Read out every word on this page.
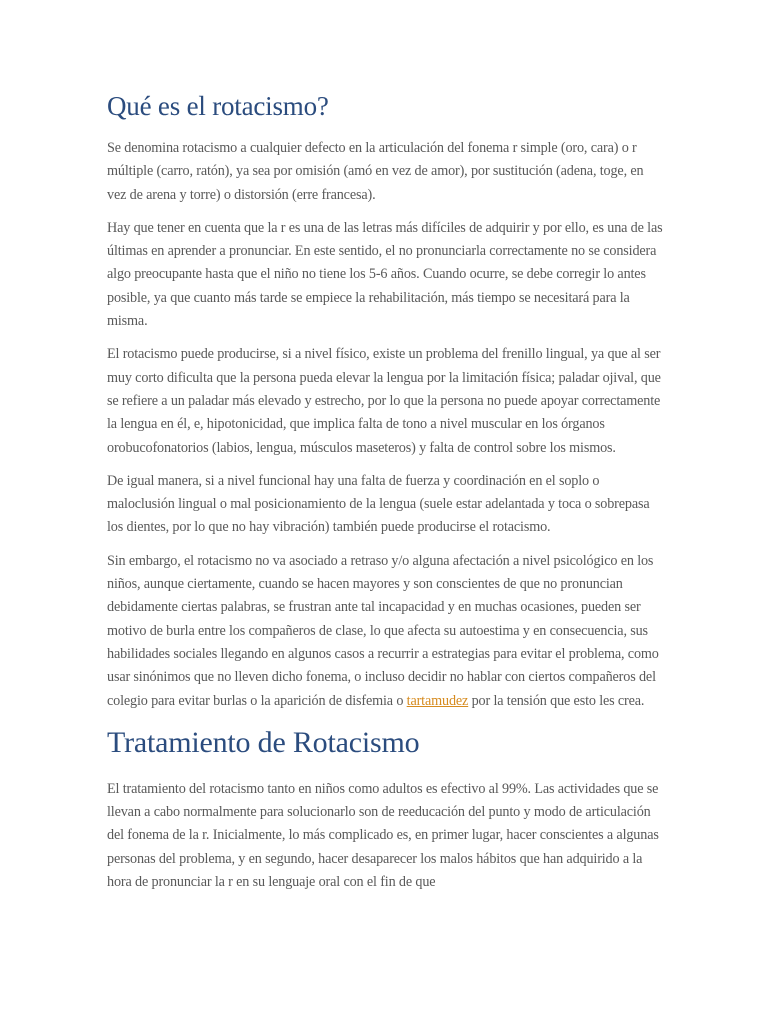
Qué es el rotacismo?

Se denomina rotacismo a cualquier defecto en la articulación del fonema r simple (oro, cara) o r múltiple (carro, ratón), ya sea por omisión (amó en vez de amor), por sustitución (adena, toge, en vez de arena y torre) o distorsión (erre francesa).

Hay que tener en cuenta que la r es una de las letras más difíciles de adquirir y por ello, es una de las últimas en aprender a pronunciar. En este sentido, el no pronunciarla correctamente no se considera algo preocupante hasta que el niño no tiene los 5-6 años. Cuando ocurre, se debe corregir lo antes posible, ya que cuanto más tarde se empiece la rehabilitación, más tiempo se necesitará para la misma.

El rotacismo puede producirse, si a nivel físico, existe un problema del frenillo lingual, ya que al ser muy corto dificulta que la persona pueda elevar la lengua por la limitación física; paladar ojival, que se refiere a un paladar más elevado y estrecho, por lo que la persona no puede apoyar correctamente la lengua en él, e, hipotonicidad, que implica falta de tono a nivel muscular en los órganos orobucofonatorios (labios, lengua, músculos maseteros) y falta de control sobre los mismos.

De igual manera, si a nivel funcional hay una falta de fuerza y coordinación en el soplo o maloclusión lingual o mal posicionamiento de la lengua (suele estar adelantada y toca o sobrepasa los dientes, por lo que no hay vibración) también puede producirse el rotacismo.

Sin embargo, el rotacismo no va asociado a retraso y/o alguna afectación a nivel psicológico en los niños, aunque ciertamente, cuando se hacen mayores y son conscientes de que no pronuncian debidamente ciertas palabras, se frustran ante tal incapacidad y en muchas ocasiones, pueden ser motivo de burla entre los compañeros de clase, lo que afecta su autoestima y en consecuencia, sus habilidades sociales llegando en algunos casos a recurrir a estrategias para evitar el problema, como usar sinónimos que no lleven dicho fonema, o incluso decidir no hablar con ciertos compañeros del colegio para evitar burlas o la aparición de disfemia o tartamudez por la tensión que esto les crea.

Tratamiento de Rotacismo

El tratamiento del rotacismo tanto en niños como adultos es efectivo al 99%. Las actividades que se llevan a cabo normalmente para solucionarlo son de reeducación del punto y modo de articulación del fonema de la r. Inicialmente, lo más complicado es, en primer lugar, hacer conscientes a algunas personas del problema, y en segundo, hacer desaparecer los malos hábitos que han adquirido a la hora de pronunciar la r en su lenguaje oral con el fin de que
